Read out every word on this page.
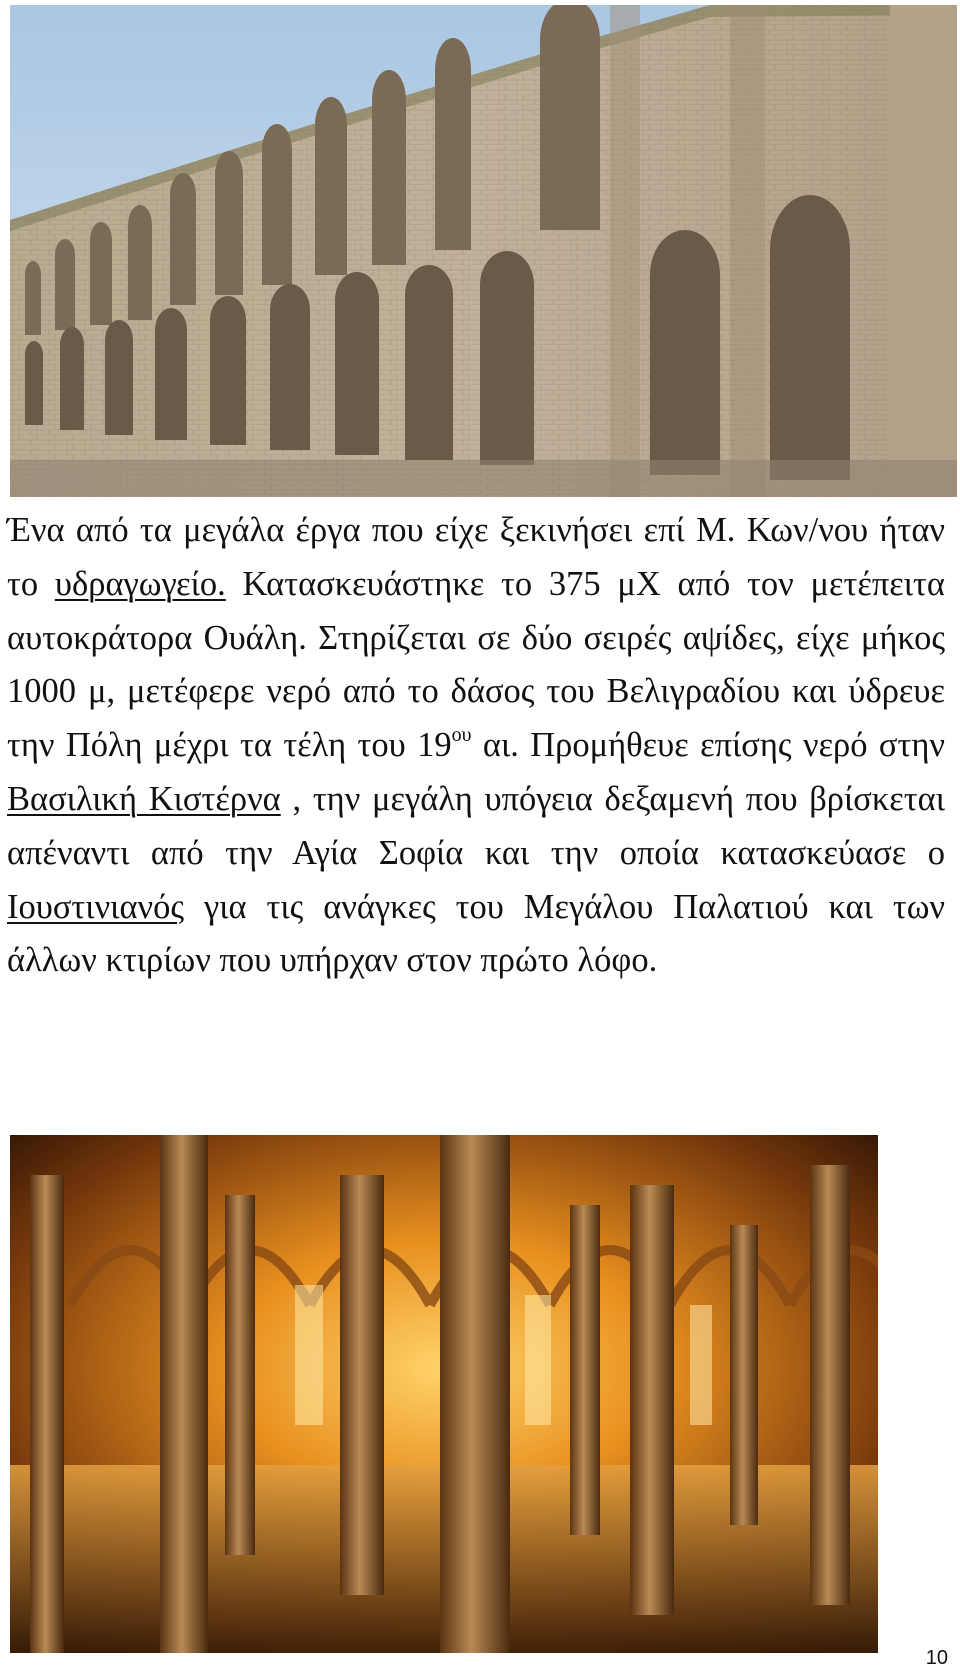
Ένα από τα μεγάλα έργα που είχε ξεκινήσει επί Μ. Κων/νου ήταν το υδραγωγείο. Κατασκευάστηκε το 375 μΧ από τον μετέπειτα αυτοκράτορα Ουάλη. Στηρίζεται σε δύο σειρές αψίδες, είχε μήκος 1000 μ, μετέφερε νερό από το δάσος του Βελιγραδίου και ύδρευε την Πόλη μέχρι τα τέλη του $19^{o\upsilon}$ αι. Προμήθευε επίσης νερό στην Βασιλική Κιστέρνα , την μεγάλη υπόγεια δεξαμενή που βρίσκεται απέναντι από την Αγία Σοφία και την οποία κατασκεύασε ο Ιουστινιανός για τις ανάγκες του Μεγάλου Παλατιού και των άλλων κτιρίων που υπήρχαν στον πρώτο λόφο.

10
